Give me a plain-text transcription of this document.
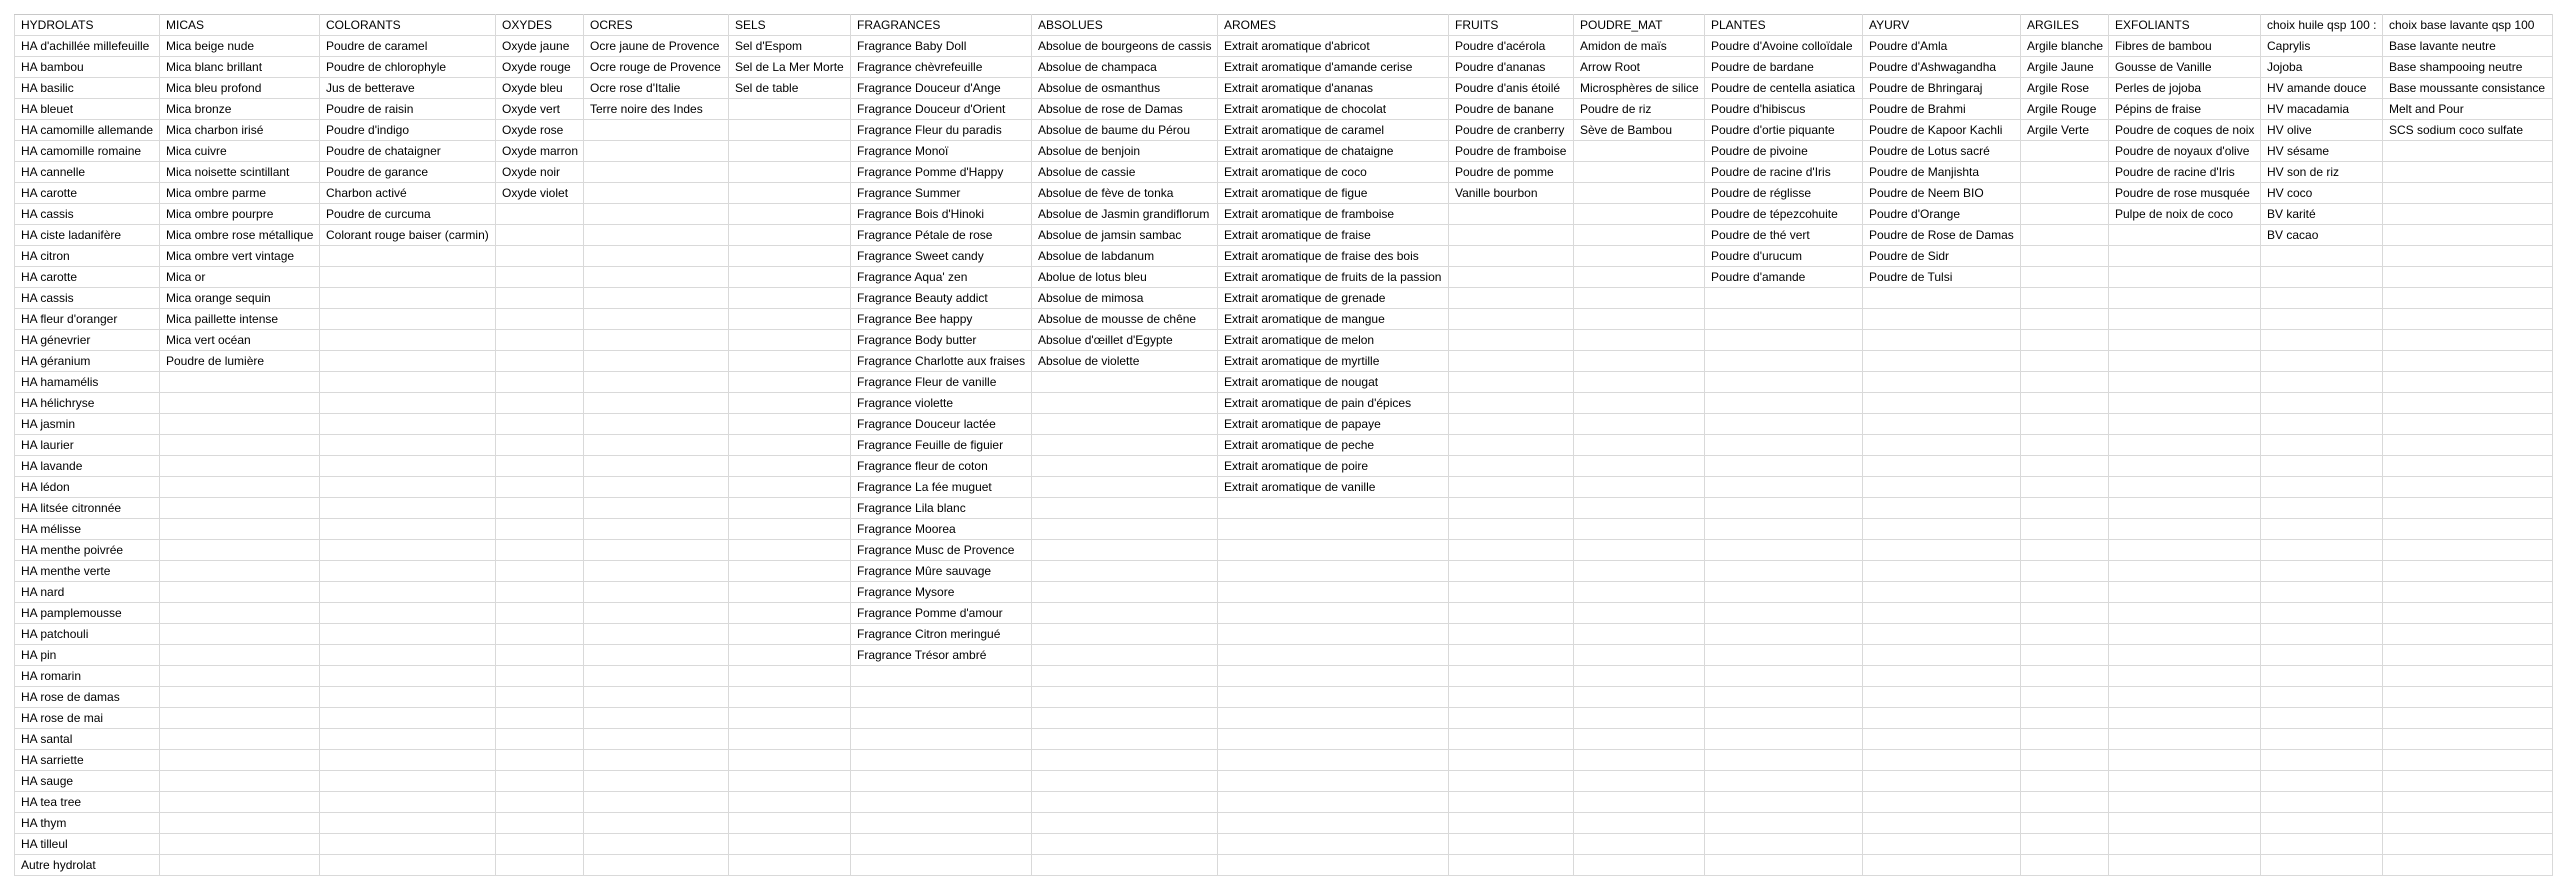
HYDROLATS	MICAS	COLORANTS	OXYDES	OCRES	SELS	FRAGRANCES	ABSOLUES	AROMES	FRUITS	POUDRE_MAT	PLANTES	AYURV	ARGILES	EXFOLIANTS	choix huile qsp 100 :	choix base lavante qsp 100
HA d'achillée millefeuille	Mica beige nude	Poudre de caramel	Oxyde jaune	Ocre jaune de Provence	Sel d'Espom	Fragrance Baby Doll	Absolue de bourgeons de cassis	Extrait aromatique d'abricot	Poudre d'acérola	Amidon de maïs	Poudre d'Avoine colloïdale	Poudre d'Amla	Argile blanche	Fibres de bambou	Caprylis	Base lavante neutre
HA bambou	Mica blanc brillant	Poudre de chlorophyle	Oxyde rouge	Ocre rouge de Provence	Sel de La Mer Morte	Fragrance chèvrefeuille	Absolue de champaca	Extrait aromatique d'amande cerise	Poudre d'ananas	Arrow Root	Poudre de bardane	Poudre d'Ashwagandha	Argile Jaune	Gousse de Vanille	Jojoba	Base shampooing neutre
HA basilic	Mica bleu profond	Jus de betterave	Oxyde bleu	Ocre rose d'Italie	Sel de table	Fragrance Douceur d'Ange	Absolue de osmanthus	Extrait aromatique d'ananas	Poudre d'anis étoilé	Microsphères de silice	Poudre de centella asiatica	Poudre de Bhringaraj	Argile Rose	Perles de jojoba	HV amande douce	Base moussante consistance
HA bleuet	Mica bronze	Poudre de raisin	Oxyde vert	Terre noire des Indes		Fragrance Douceur d'Orient	Absolue de rose de Damas	Extrait aromatique de chocolat	Poudre de banane	Poudre de riz	Poudre d'hibiscus	Poudre de Brahmi	Argile Rouge	Pépins de fraise	HV macadamia	Melt and Pour
HA camomille allemande	Mica charbon irisé	Poudre d'indigo	Oxyde rose			Fragrance Fleur du paradis	Absolue de baume du Pérou	Extrait aromatique de caramel	Poudre de cranberry	Sève de Bambou	Poudre d'ortie piquante	Poudre de Kapoor Kachli	Argile Verte	Poudre de coques de noix	HV olive	SCS sodium coco sulfate
HA camomille romaine	Mica cuivre	Poudre de chataigner	Oxyde marron			Fragrance Monoï	Absolue de benjoin	Extrait aromatique de chataigne	Poudre de framboise		Poudre de pivoine	Poudre de Lotus sacré		Poudre de noyaux d'olive	HV sésame	
HA cannelle	Mica noisette scintillant	Poudre de garance	Oxyde noir			Fragrance Pomme d'Happy	Absolue de cassie	Extrait aromatique de coco	Poudre de pomme		Poudre de racine d'Iris	Poudre de Manjishta		Poudre de racine d'Iris	HV son de riz	
HA carotte	Mica ombre parme	Charbon activé	Oxyde violet			Fragrance Summer	Absolue de fève de tonka	Extrait aromatique de figue	Vanille bourbon		Poudre de réglisse	Poudre de Neem BIO		Poudre de rose musquée	HV coco	
HA cassis	Mica ombre pourpre	Poudre de curcuma				Fragrance Bois d'Hinoki	Absolue de Jasmin grandiflorum	Extrait aromatique de framboise			Poudre de tépezcohuite	Poudre d'Orange		Pulpe de noix de coco	BV karité	
HA ciste ladanifère	Mica ombre rose métallique	Colorant rouge baiser (carmin)				Fragrance Pétale de rose	Absolue de jamsin sambac	Extrait aromatique de fraise			Poudre de thé vert	Poudre de Rose de Damas			BV cacao	
HA citron	Mica ombre vert vintage					Fragrance Sweet candy	Absolue de labdanum	Extrait aromatique de fraise des bois			Poudre d'urucum	Poudre de Sidr				
HA carotte	Mica or					Fragrance Aqua' zen	Abolue de lotus bleu	Extrait aromatique de fruits de la passion			Poudre d'amande	Poudre de Tulsi				
HA cassis	Mica orange sequin					Fragrance Beauty addict	Absolue de mimosa	Extrait aromatique de grenade								
HA fleur d'oranger	Mica paillette intense					Fragrance Bee happy	Absolue de mousse de chêne	Extrait aromatique de mangue								
HA génevrier	Mica vert océan					Fragrance Body butter	Absolue d'œillet d'Egypte	Extrait aromatique de melon								
HA géranium	Poudre de lumière					Fragrance Charlotte aux fraises	Absolue de violette	Extrait aromatique de myrtille								
HA hamamélis						Fragrance Fleur de vanille		Extrait aromatique de nougat								
HA hélichryse						Fragrance violette		Extrait aromatique de pain d'épices								
HA jasmin						Fragrance Douceur lactée		Extrait aromatique de papaye								
HA laurier						Fragrance Feuille de figuier		Extrait aromatique de peche								
HA lavande						Fragrance fleur de coton		Extrait aromatique de poire								
HA lédon						Fragrance La fée muguet		Extrait aromatique de vanille								
HA litsée citronnée						Fragrance Lila blanc										
HA mélisse						Fragrance Moorea										
HA menthe poivrée						Fragrance Musc de Provence										
HA menthe verte						Fragrance Mûre sauvage										
HA nard						Fragrance Mysore										
HA pamplemousse						Fragrance Pomme d'amour										
HA patchouli						Fragrance Citron meringué										
HA pin						Fragrance Trésor ambré										
HA romarin																
HA rose de damas																
HA rose de mai																
HA santal																
HA sarriette																
HA sauge																
HA tea tree																
HA thym																
HA tilleul																
Autre hydrolat																
